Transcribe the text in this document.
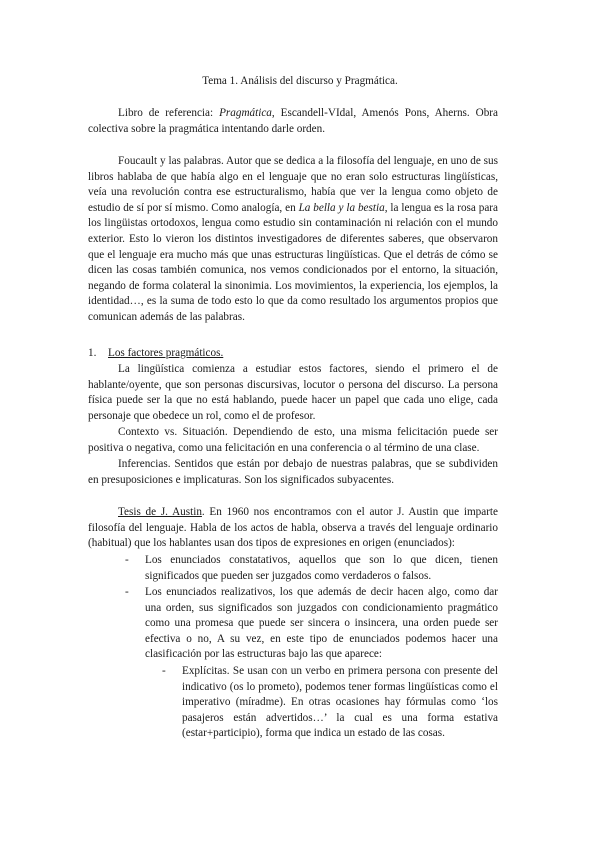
Tema 1. Análisis del discurso y Pragmática.

Libro de referencia: Pragmática, Escandell-VIdal, Amenós Pons, Aherns. Obra colectiva sobre la pragmática intentando darle orden.

Foucault y las palabras. Autor que se dedica a la filosofía del lenguaje, en uno de sus libros hablaba de que había algo en el lenguaje que no eran solo estructuras lingüísticas, veía una revolución contra ese estructuralismo, había que ver la lengua como objeto de estudio de sí por sí mismo. Como analogía, en La bella y la bestia, la lengua es la rosa para los lingüistas ortodoxos, lengua como estudio sin contaminación ni relación con el mundo exterior. Esto lo vieron los distintos investigadores de diferentes saberes, que observaron que el lenguaje era mucho más que unas estructuras lingüísticas. Que el detrás de cómo se dicen las cosas también comunica, nos vemos condicionados por el entorno, la situación, negando de forma colateral la sinonimia. Los movimientos, la experiencia, los ejemplos, la identidad…, es la suma de todo esto lo que da como resultado los argumentos propios que comunican además de las palabras.

1. Los factores pragmáticos.

La lingüística comienza a estudiar estos factores, siendo el primero el de hablante/oyente, que son personas discursivas, locutor o persona del discurso. La persona física puede ser la que no está hablando, puede hacer un papel que cada uno elige, cada personaje que obedece un rol, como el de profesor.

Contexto vs. Situación. Dependiendo de esto, una misma felicitación puede ser positiva o negativa, como una felicitación en una conferencia o al término de una clase.

Inferencias. Sentidos que están por debajo de nuestras palabras, que se subdividen en presuposiciones e implicaturas. Son los significados subyacentes.

Tesis de J. Austin. En 1960 nos encontramos con el autor J. Austin que imparte filosofía del lenguaje. Habla de los actos de habla, observa a través del lenguaje ordinario (habitual) que los hablantes usan dos tipos de expresiones en origen (enunciados):

- Los enunciados constatativos, aquellos que son lo que dicen, tienen significados que pueden ser juzgados como verdaderos o falsos.
- Los enunciados realizativos, los que además de decir hacen algo, como dar una orden, sus significados son juzgados con condicionamiento pragmático como una promesa que puede ser sincera o insincera, una orden puede ser efectiva o no, A su vez, en este tipo de enunciados podemos hacer una clasificación por las estructuras bajo las que aparece:
- Explícitas. Se usan con un verbo en primera persona con presente del indicativo (os lo prometo), podemos tener formas lingüísticas como el imperativo (míradme). En otras ocasiones hay fórmulas como ‘los pasajeros están advertidos…’ la cual es una forma estativa (estar+participio), forma que indica un estado de las cosas.
